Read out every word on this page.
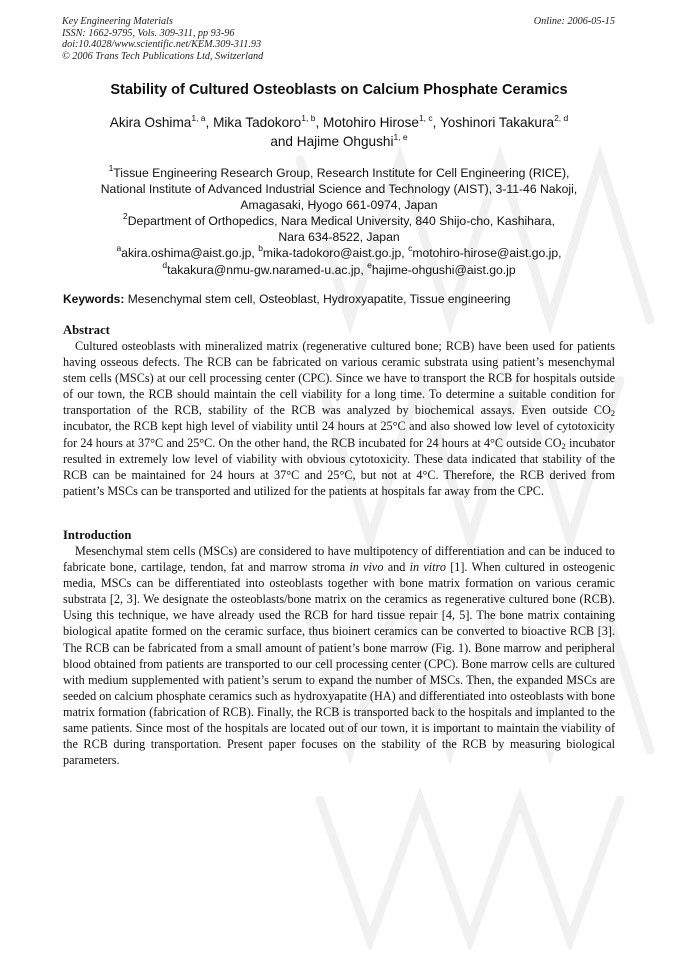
Key Engineering Materials
ISSN: 1662-9795, Vols. 309-311, pp 93-96
doi:10.4028/www.scientific.net/KEM.309-311.93
© 2006 Trans Tech Publications Ltd, Switzerland
Online: 2006-05-15
Stability of Cultured Osteoblasts on Calcium Phosphate Ceramics
Akira Oshima$^{1, a}$, Mika Tadokoro$^{1, b}$, Motohiro Hirose$^{1, c}$, Yoshinori Takakura$^{2, d}$
and Hajime Ohgushi$^{1, e}$
$^1$Tissue Engineering Research Group, Research Institute for Cell Engineering (RICE),
National Institute of Advanced Industrial Science and Technology (AIST), 3-11-46 Nakoji,
Amagasaki, Hyogo 661-0974, Japan
$^2$Department of Orthopedics, Nara Medical University, 840 Shijo-cho, Kashihara,
Nara 634-8522, Japan
$^a$akira.oshima@aist.go.jp, $^b$mika-tadokoro@aist.go.jp, $^c$motohiro-hirose@aist.go.jp,
$^d$takakura@nmu-gw.naramed-u.ac.jp, $^e$hajime-ohgushi@aist.go.jp
Keywords: Mesenchymal stem cell, Osteoblast, Hydroxyapatite, Tissue engineering
Abstract

Cultured osteoblasts with mineralized matrix (regenerative cultured bone; RCB) have been used for patients having osseous defects. The RCB can be fabricated on various ceramic substrata using patient’s mesenchymal stem cells (MSCs) at our cell processing center (CPC). Since we have to transport the RCB for hospitals outside of our town, the RCB should maintain the cell viability for a long time. To determine a suitable condition for transportation of the RCB, stability of the RCB was analyzed by biochemical assays. Even outside $CO_2$ incubator, the RCB kept high level of viability until 24 hours at 25°C and also showed low level of cytotoxicity for 24 hours at 37°C and 25°C. On the other hand, the RCB incubated for 24 hours at 4°C outside $CO_2$ incubator resulted in extremely low level of viability with obvious cytotoxicity. These data indicated that stability of the RCB can be maintained for 24 hours at 37°C and 25°C, but not at 4°C. Therefore, the RCB derived from patient’s MSCs can be transported and utilized for the patients at hospitals far away from the CPC.

Introduction

Mesenchymal stem cells (MSCs) are considered to have multipotency of differentiation and can be induced to fabricate bone, cartilage, tendon, fat and marrow stroma in vivo and in vitro [1]. When cultured in osteogenic media, MSCs can be differentiated into osteoblasts together with bone matrix formation on various ceramic substrata [2, 3]. We designate the osteoblasts/bone matrix on the ceramics as regenerative cultured bone (RCB). Using this technique, we have already used the RCB for hard tissue repair [4, 5]. The bone matrix containing biological apatite formed on the ceramic surface, thus bioinert ceramics can be converted to bioactive RCB [3]. The RCB can be fabricated from a small amount of patient’s bone marrow (Fig. 1). Bone marrow and peripheral blood obtained from patients are transported to our cell processing center (CPC). Bone marrow cells are cultured with medium supplemented with patient’s serum to expand the number of MSCs. Then, the expanded MSCs are seeded on calcium phosphate ceramics such as hydroxyapatite (HA) and differentiated into osteoblasts with bone matrix formation (fabrication of RCB). Finally, the RCB is transported back to the hospitals and implanted to the same patients. Since most of the hospitals are located out of our town, it is important to maintain the viability of the RCB during transportation. Present paper focuses on the stability of the RCB by measuring biological parameters.
